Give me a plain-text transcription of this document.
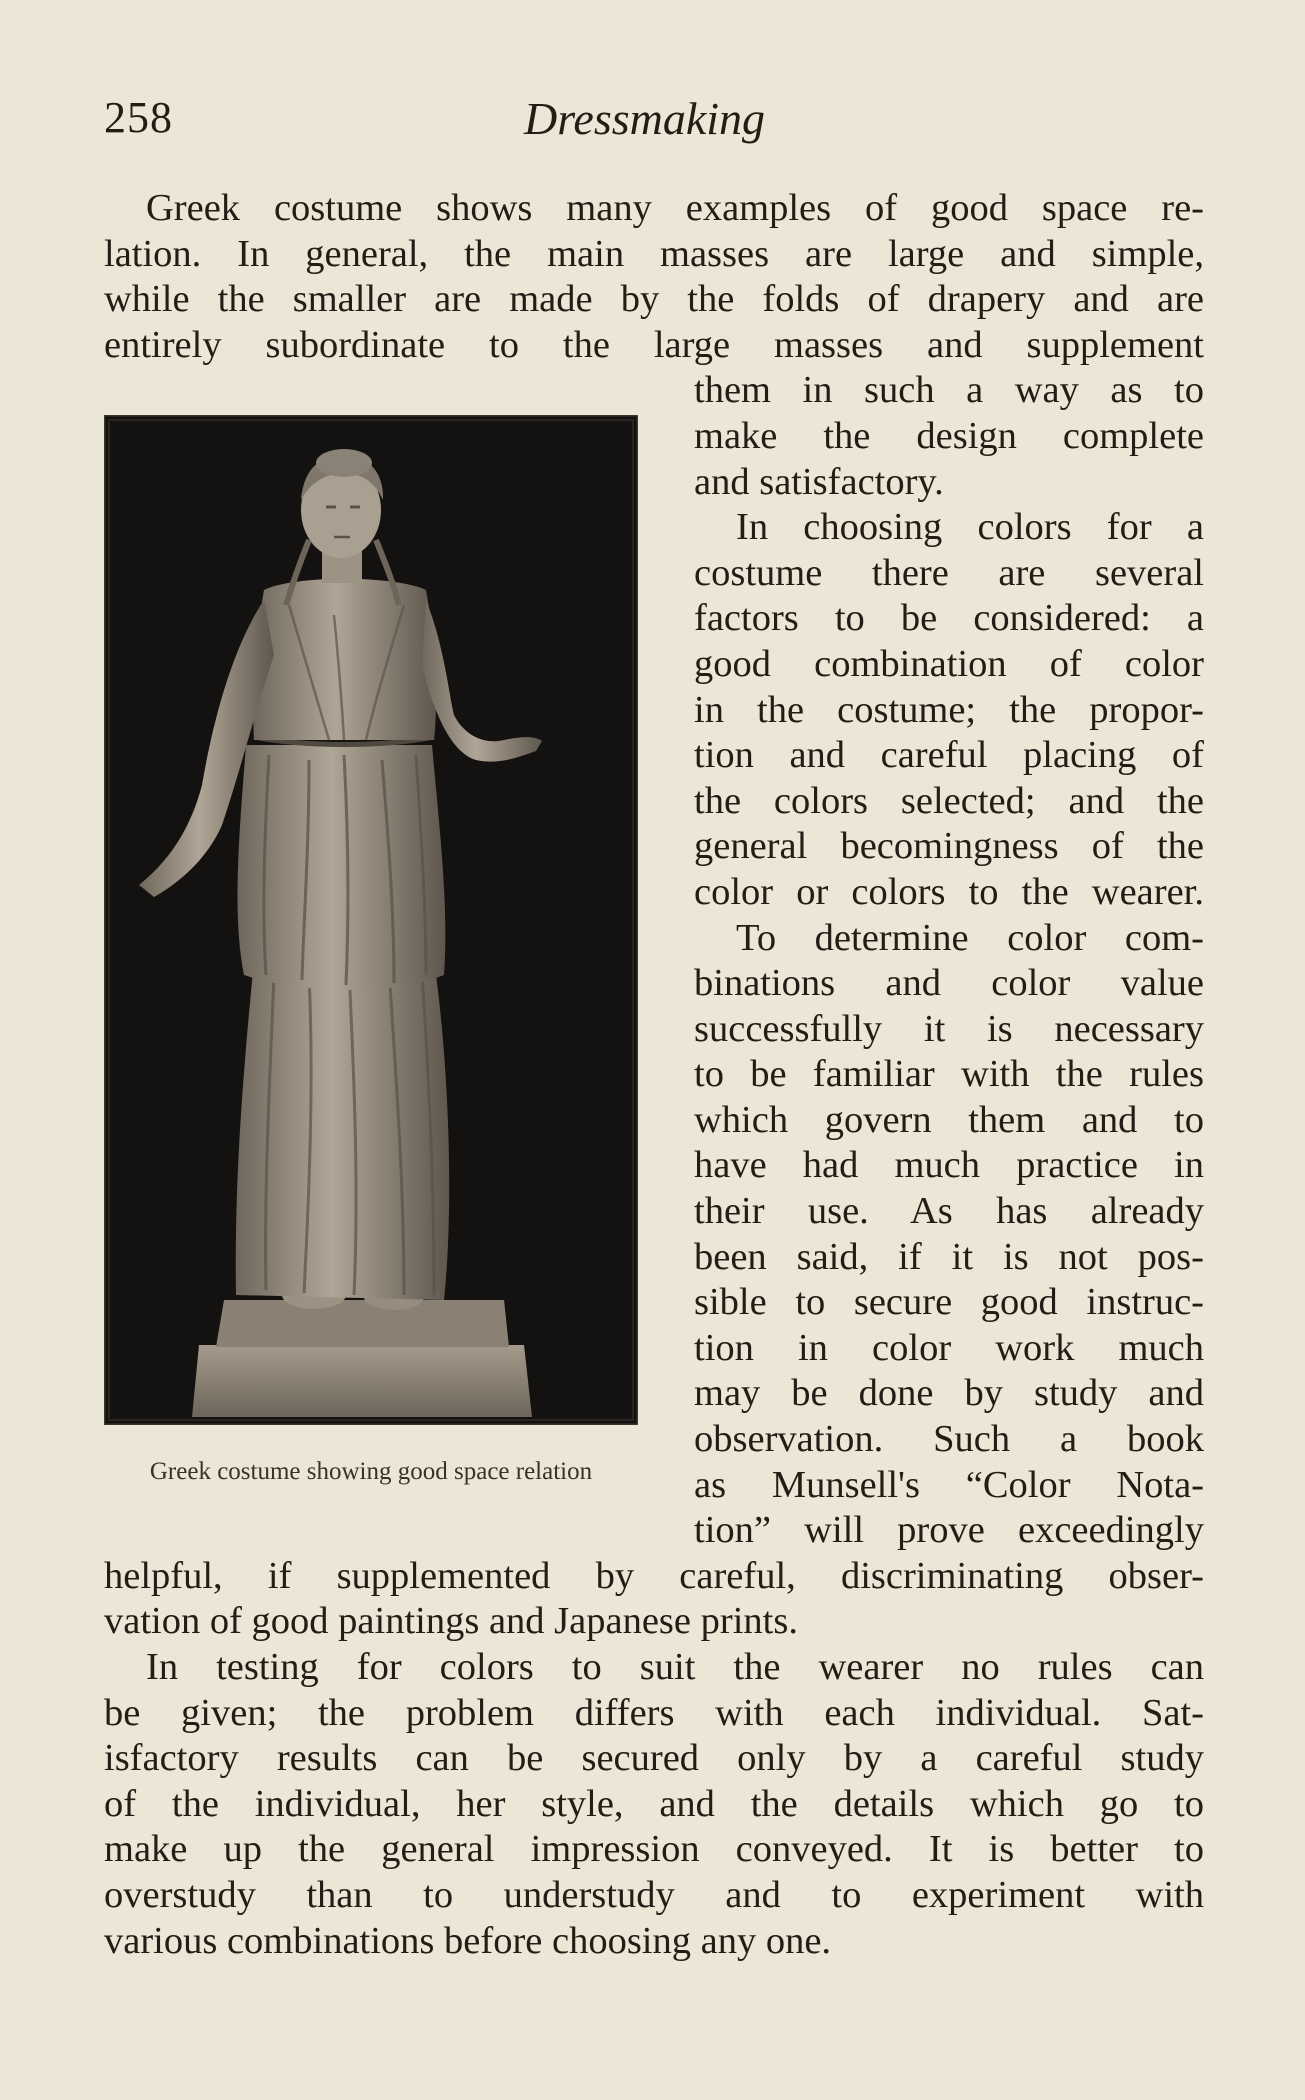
258	Dressmaking
Greek costume shows many examples of good space re-
lation. In general, the main masses are large and simple,
while the smaller are made by the folds of drapery and are
entirely subordinate to the large masses and supplement
them in such a way as to
make the design complete
and satisfactory.
In choosing colors for a
costume there are several
factors to be considered: a
good combination of color
in the costume; the propor-
tion and careful placing of
the colors selected; and the
general becomingness of the
color or colors to the wearer.
To determine color com-
binations and color value
successfully it is necessary
to be familiar with the rules
which govern them and to
have had much practice in
their use. As has already
been said, if it is not pos-
sible to secure good instruc-
tion in color work much
may be done by study and
observation. Such a book
as Munsell's “Color Nota-
tion” will prove exceedingly
helpful, if supplemented by careful, discriminating obser-
vation of good paintings and Japanese prints.
In testing for colors to suit the wearer no rules can
be given; the problem differs with each individual. Sat-
isfactory results can be secured only by a careful study
of the individual, her style, and the details which go to
make up the general impression conveyed. It is better to
overstudy than to understudy and to experiment with
various combinations before choosing any one.
Greek costume showing good space relation
